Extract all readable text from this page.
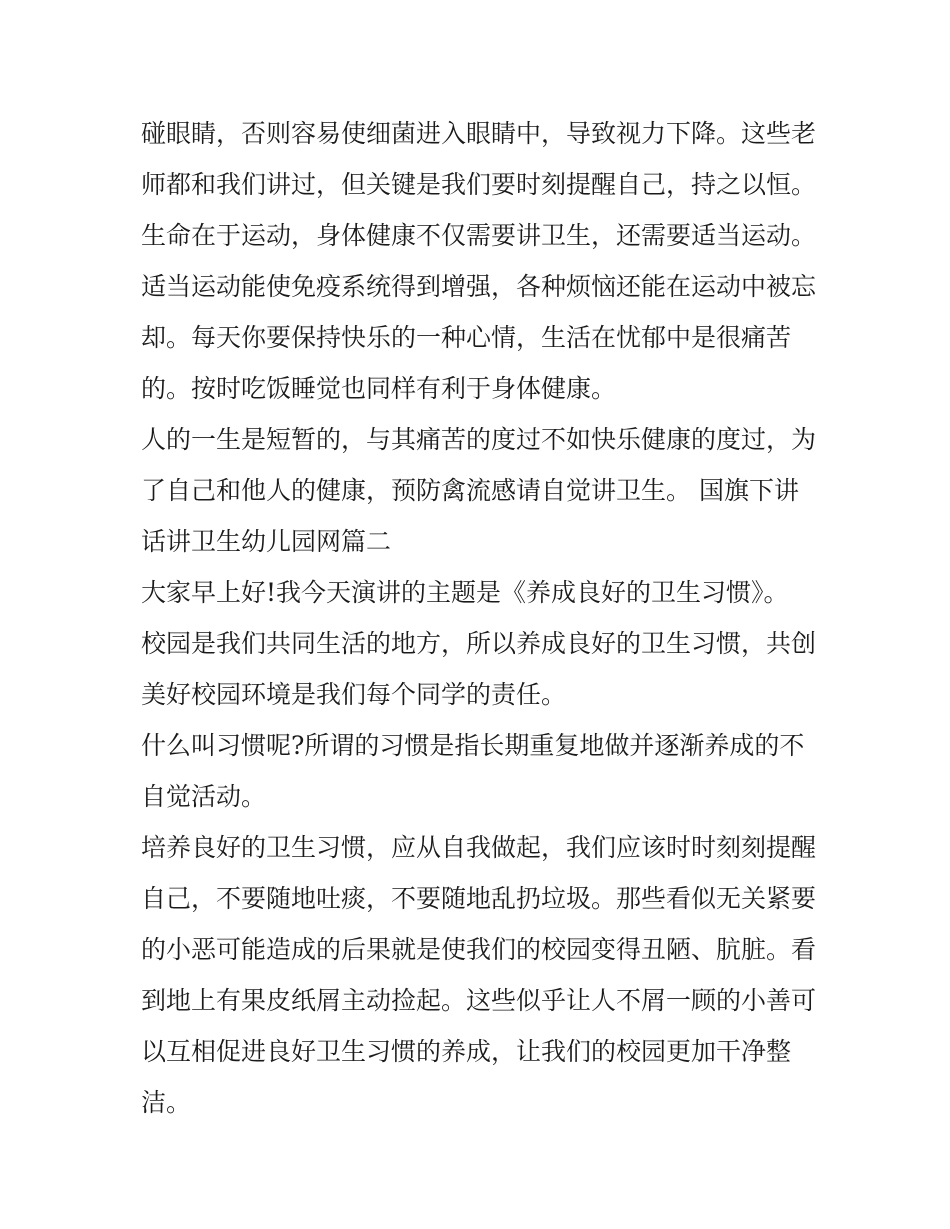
碰眼睛，否则容易使细菌进入眼睛中，导致视力下降。这些老

师都和我们讲过，但关键是我们要时刻提醒自己，持之以恒。

生命在于运动，身体健康不仅需要讲卫生，还需要适当运动。

适当运动能使免疫系统得到增强，各种烦恼还能在运动中被忘

却。每天你要保持快乐的一种心情，生活在忧郁中是很痛苦

的。按时吃饭睡觉也同样有利于身体健康。

人的一生是短暂的，与其痛苦的度过不如快乐健康的度过，为

了自己和他人的健康，预防禽流感请自觉讲卫生。 国旗下讲

话讲卫生幼儿园网篇二

大家早上好!我今天演讲的主题是《养成良好的卫生习惯》。

校园是我们共同生活的地方，所以养成良好的卫生习惯，共创

美好校园环境是我们每个同学的责任。

什么叫习惯呢?所谓的习惯是指长期重复地做并逐渐养成的不

自觉活动。

培养良好的卫生习惯，应从自我做起，我们应该时时刻刻提醒

自己，不要随地吐痰，不要随地乱扔垃圾。那些看似无关紧要

的小恶可能造成的后果就是使我们的校园变得丑陋、肮脏。看

到地上有果皮纸屑主动捡起。这些似乎让人不屑一顾的小善可

以互相促进良好卫生习惯的养成，让我们的校园更加干净整

洁。
